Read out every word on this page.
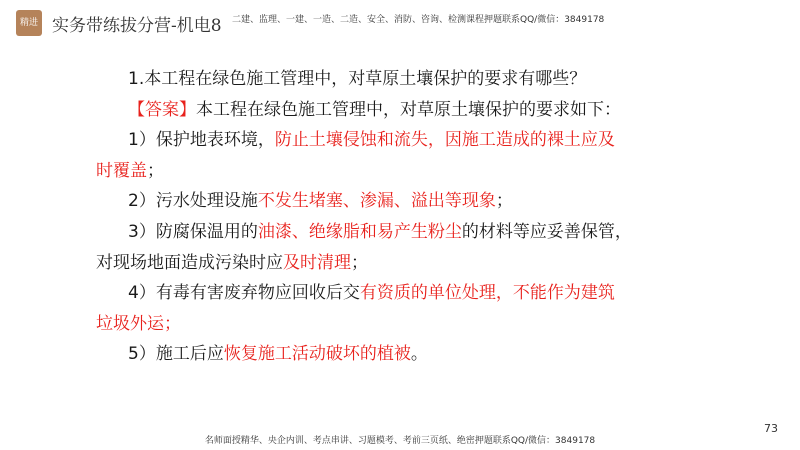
精进 实务带练拔分营-机电8 二建、监理、一建、一造、二造、安全、消防、咨询、检测课程押题联系QQ/微信：3849178

1.本工程在绿色施工管理中，对草原土壤保护的要求有哪些？

【答案】本工程在绿色施工管理中，对草原土壤保护的要求如下：

1）保护地表环境，防止土壤侵蚀和流失，因施工造成的裸土应及

时覆盖；

2）污水处理设施不发生堵塞、渗漏、溢出等现象；

3）防腐保温用的油漆、绝缘脂和易产生粉尘的材料等应妥善保管，

对现场地面造成污染时应及时清理；

4）有毒有害废弃物应回收后交有资质的单位处理，不能作为建筑

垃圾外运；

5）施工后应恢复施工活动破坏的植被。

名师面授精华、央企内训、考点串讲、习题模考、考前三页纸、绝密押题联系QQ/微信：3849178
73
